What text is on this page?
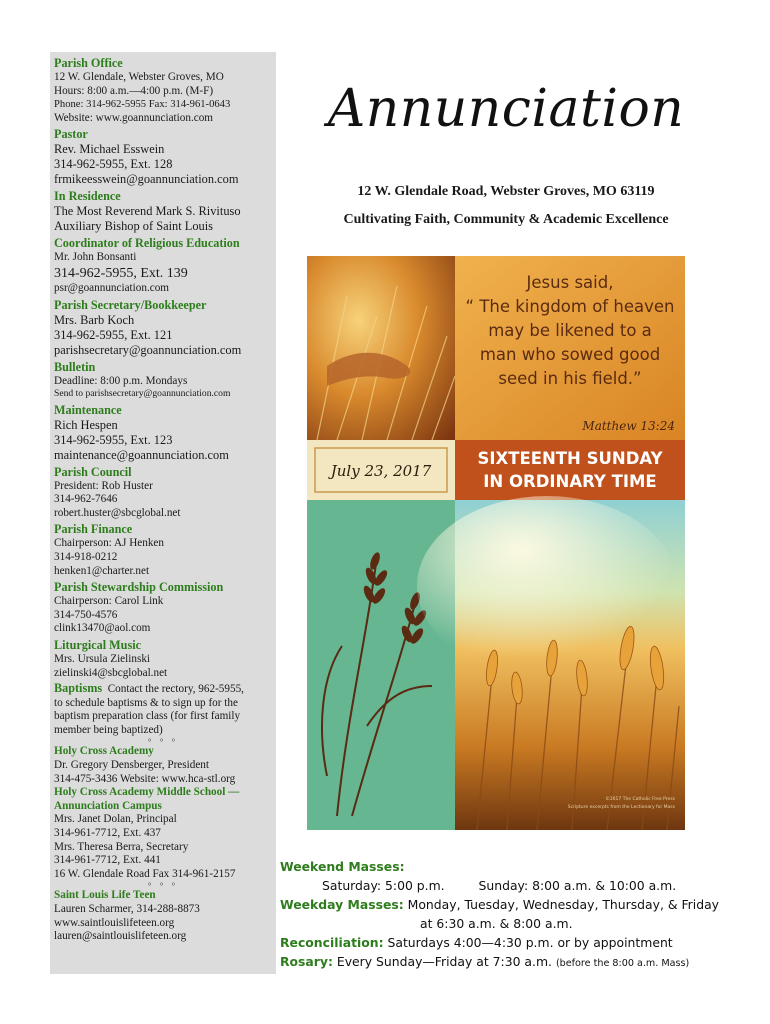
Parish Office
12 W. Glendale, Webster Groves, MO
Hours: 8:00 a.m.—4:00 p.m. (M-F)
Phone: 314-962-5955 Fax: 314-961-0643
Website: www.goannunciation.com
Pastor
Rev. Michael Esswein
314-962-5955, Ext. 128
frmikeesswein@goannunciation.com
In Residence
The Most Reverend Mark S. Rivituso
Auxiliary Bishop of Saint Louis
Coordinator of Religious Education
Mr. John Bonsanti
314-962-5955, Ext. 139
psr@goannunciation.com
Parish Secretary/Bookkeeper
Mrs. Barb Koch
314-962-5955, Ext. 121
parishsecretary@goannunciation.com
Bulletin
Deadline: 8:00 p.m. Mondays
Send to parishsecretary@goannunciation.com
Maintenance
Rich Hespen
314-962-5955, Ext. 123
maintenance@goannunciation.com
Parish Council
President: Rob Huster
314-962-7646
robert.huster@sbcglobal.net
Parish Finance
Chairperson: AJ Henken
314-918-0212
henken1@charter.net
Parish Stewardship Commission
Chairperson: Carol Link
314-750-4576
clink13470@aol.com
Liturgical Music
Mrs. Ursula Zielinski
zielinski4@sbcglobal.net
Baptisms Contact the rectory, 962-5955,
to schedule baptisms & to sign up for the
baptism preparation class (for first family
member being baptized)
° ° °
Holy Cross Academy
Dr. Gregory Densberger, President
314-475-3436 Website: www.hca-stl.org
Holy Cross Academy Middle School —
Annunciation Campus
Mrs. Janet Dolan, Principal
314-961-7712, Ext. 437
Mrs. Theresa Berra, Secretary
314-961-7712, Ext. 441
16 W. Glendale Road Fax 314-961-2157
° ° °
Saint Louis Life Teen
Lauren Scharmer, 314-288-8873
www.saintlouislifeteen.org
lauren@saintlouislifeteen.org
Annunciation
12 W. Glendale Road, Webster Groves, MO 63119
Cultivating Faith, Community & Academic Excellence
Jesus said,
“ The kingdom of heaven
may be likened to a
man who sowed good
seed in his field.”
Matthew 13:24
July 23, 2017
SIXTEENTH SUNDAY
IN ORDINARY TIME
©2017 The Catholic Free Press
Scripture excerpts from the Lectionary for Mass
Weekend Masses:
Saturday: 5:00 p.m.	Sunday: 8:00 a.m. & 10:00 a.m.
Weekday Masses: Monday, Tuesday, Wednesday, Thursday, & Friday
at 6:30 a.m. & 8:00 a.m.
Reconciliation: Saturdays 4:00—4:30 p.m. or by appointment
Rosary: Every Sunday—Friday at 7:30 a.m. (before the 8:00 a.m. Mass)
